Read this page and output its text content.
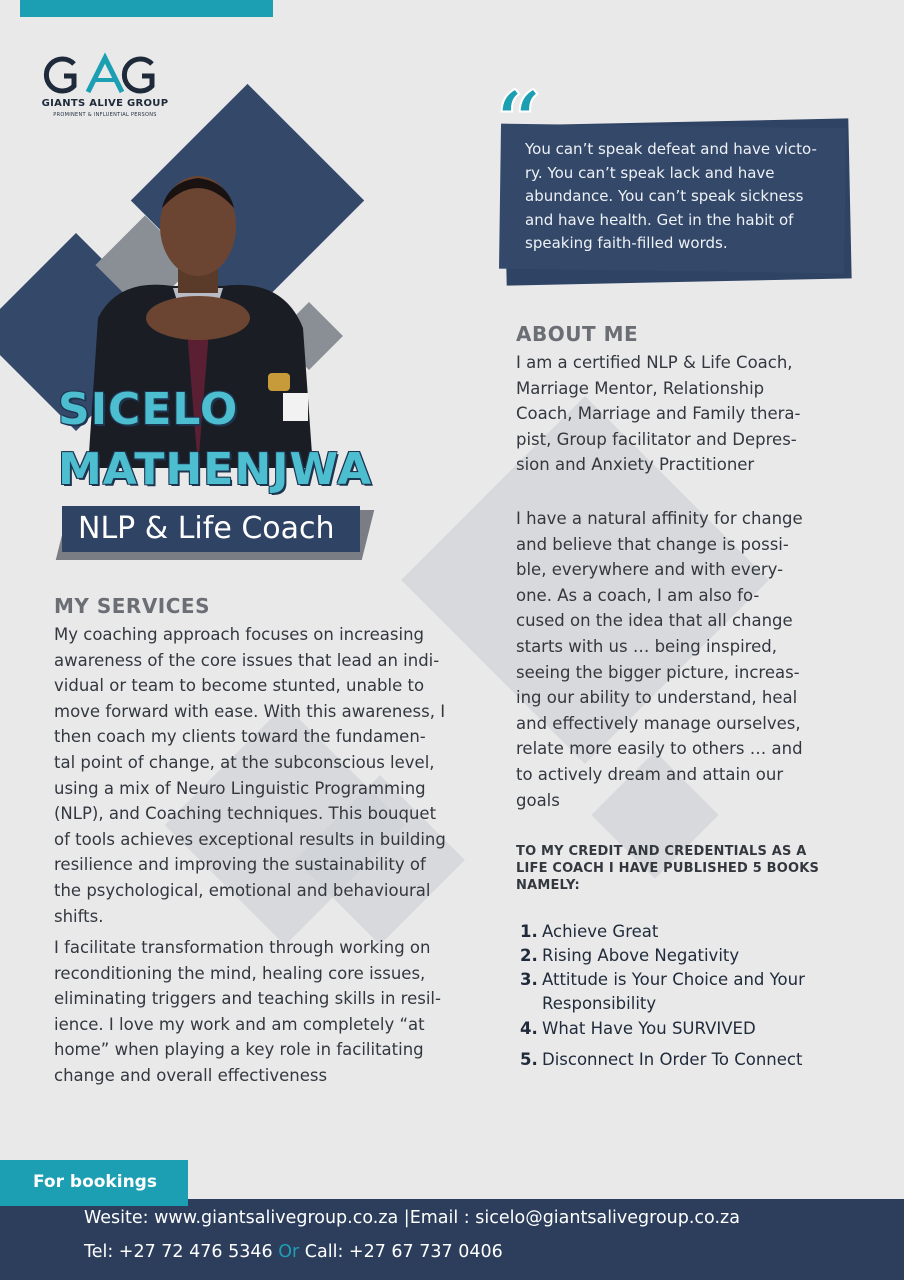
GIANTS ALIVE GROUP
PROMINENT & INFLUENTIAL PERSONS
SICELO
MATHENJWA
NLP & Life Coach
“
You can’t speak defeat and have victo-
ry. You can’t speak lack and have
abundance. You can’t speak sickness
and have health. Get in the habit of
speaking faith-filled words.
ABOUT ME
I am a certified NLP & Life Coach,
Marriage Mentor, Relationship
Coach, Marriage and Family thera-
pist, Group facilitator and Depres-
sion and Anxiety Practitioner
I have a natural affinity for change
and believe that change is possi-
ble, everywhere and with every-
one. As a coach, I am also fo-
cused on the idea that all change
starts with us … being inspired,
seeing the bigger picture, increas-
ing our ability to understand, heal
and effectively manage ourselves,
relate more easily to others … and
to actively dream and attain our
goals
MY SERVICES
My coaching approach focuses on increasing
awareness of the core issues that lead an indi-
vidual or team to become stunted, unable to
move forward with ease. With this awareness, I
then coach my clients toward the fundamen-
tal point of change, at the subconscious level,
using a mix of Neuro Linguistic Programming
(NLP), and Coaching techniques. This bouquet
of tools achieves exceptional results in building
resilience and improving the sustainability of
the psychological, emotional and behavioural
shifts.
I facilitate transformation through working on
reconditioning the mind, healing core issues,
eliminating triggers and teaching skills in resil-
ience. I love my work and am completely “at
home” when playing a key role in facilitating
change and overall effectiveness
TO MY CREDIT AND CREDENTIALS AS A
LIFE COACH I HAVE PUBLISHED 5 BOOKS
NAMELY:
1. Achieve Great
2. Rising Above Negativity
3. Attitude is Your Choice and Your Responsibility
4. What Have You SURVIVED
5. Disconnect In Order To Connect
For bookings
Wesite: www.giantsalivegroup.co.za |Email : sicelo@giantsalivegroup.co.za
Tel: +27 72 476 5346 Or Call: +27 67 737 0406
